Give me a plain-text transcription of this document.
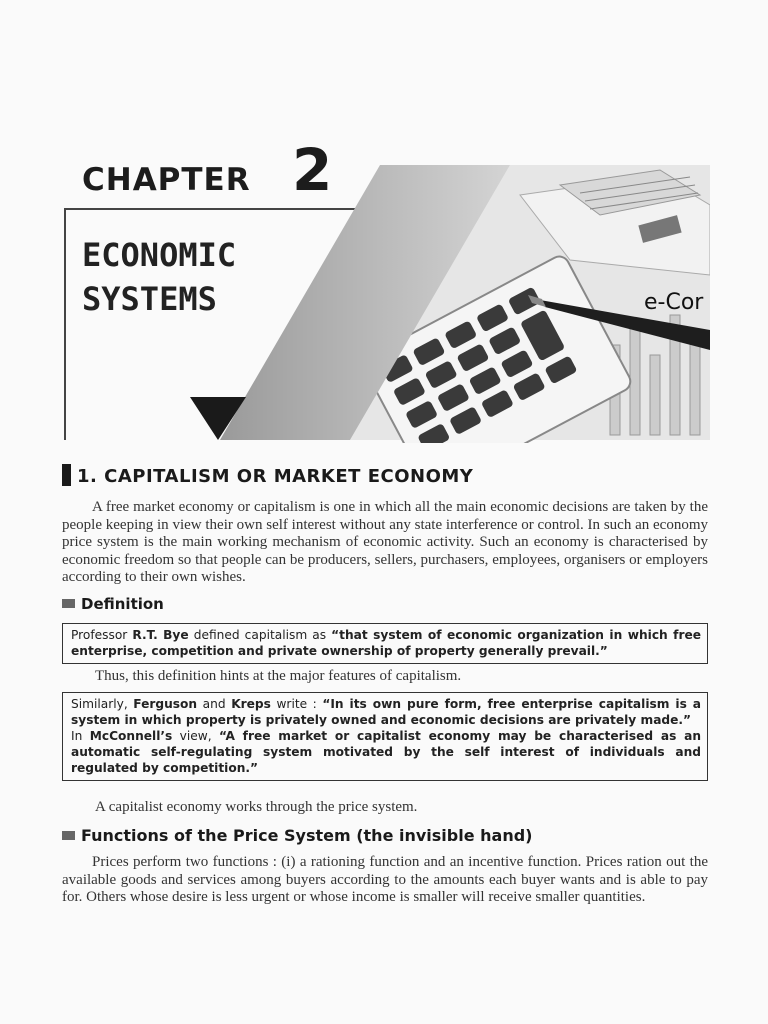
CHAPTER 2
ECONOMIC
SYSTEMS	e-Cor
1. CAPITALISM OR MARKET ECONOMY
A free market economy or capitalism is one in which all the main economic decisions are taken by the people keeping in view their own self interest without any state interference or control. In such an economy price system is the main working mechanism of economic activity. Such an economy is characterised by economic freedom so that people can be producers, sellers, purchasers, employees, organisers or employers according to their own wishes.
Definition
Professor R.T. Bye defined capitalism as “that system of economic organization in which free enterprise, competition and private ownership of property generally prevail.”
Thus, this definition hints at the major features of capitalism.
Similarly, Ferguson and Kreps write : “In its own pure form, free enterprise capitalism is a system in which property is privately owned and economic decisions are privately made.”
In McConnell’s view, “A free market or capitalist economy may be characterised as an automatic self-regulating system motivated by the self interest of individuals and regulated by competition.”
A capitalist economy works through the price system.
Functions of the Price System (the invisible hand)
Prices perform two functions : (i) a rationing function and an incentive function. Prices ration out the available goods and services among buyers according to the amounts each buyer wants and is able to pay for. Others whose desire is less urgent or whose income is smaller will receive smaller quantities.
